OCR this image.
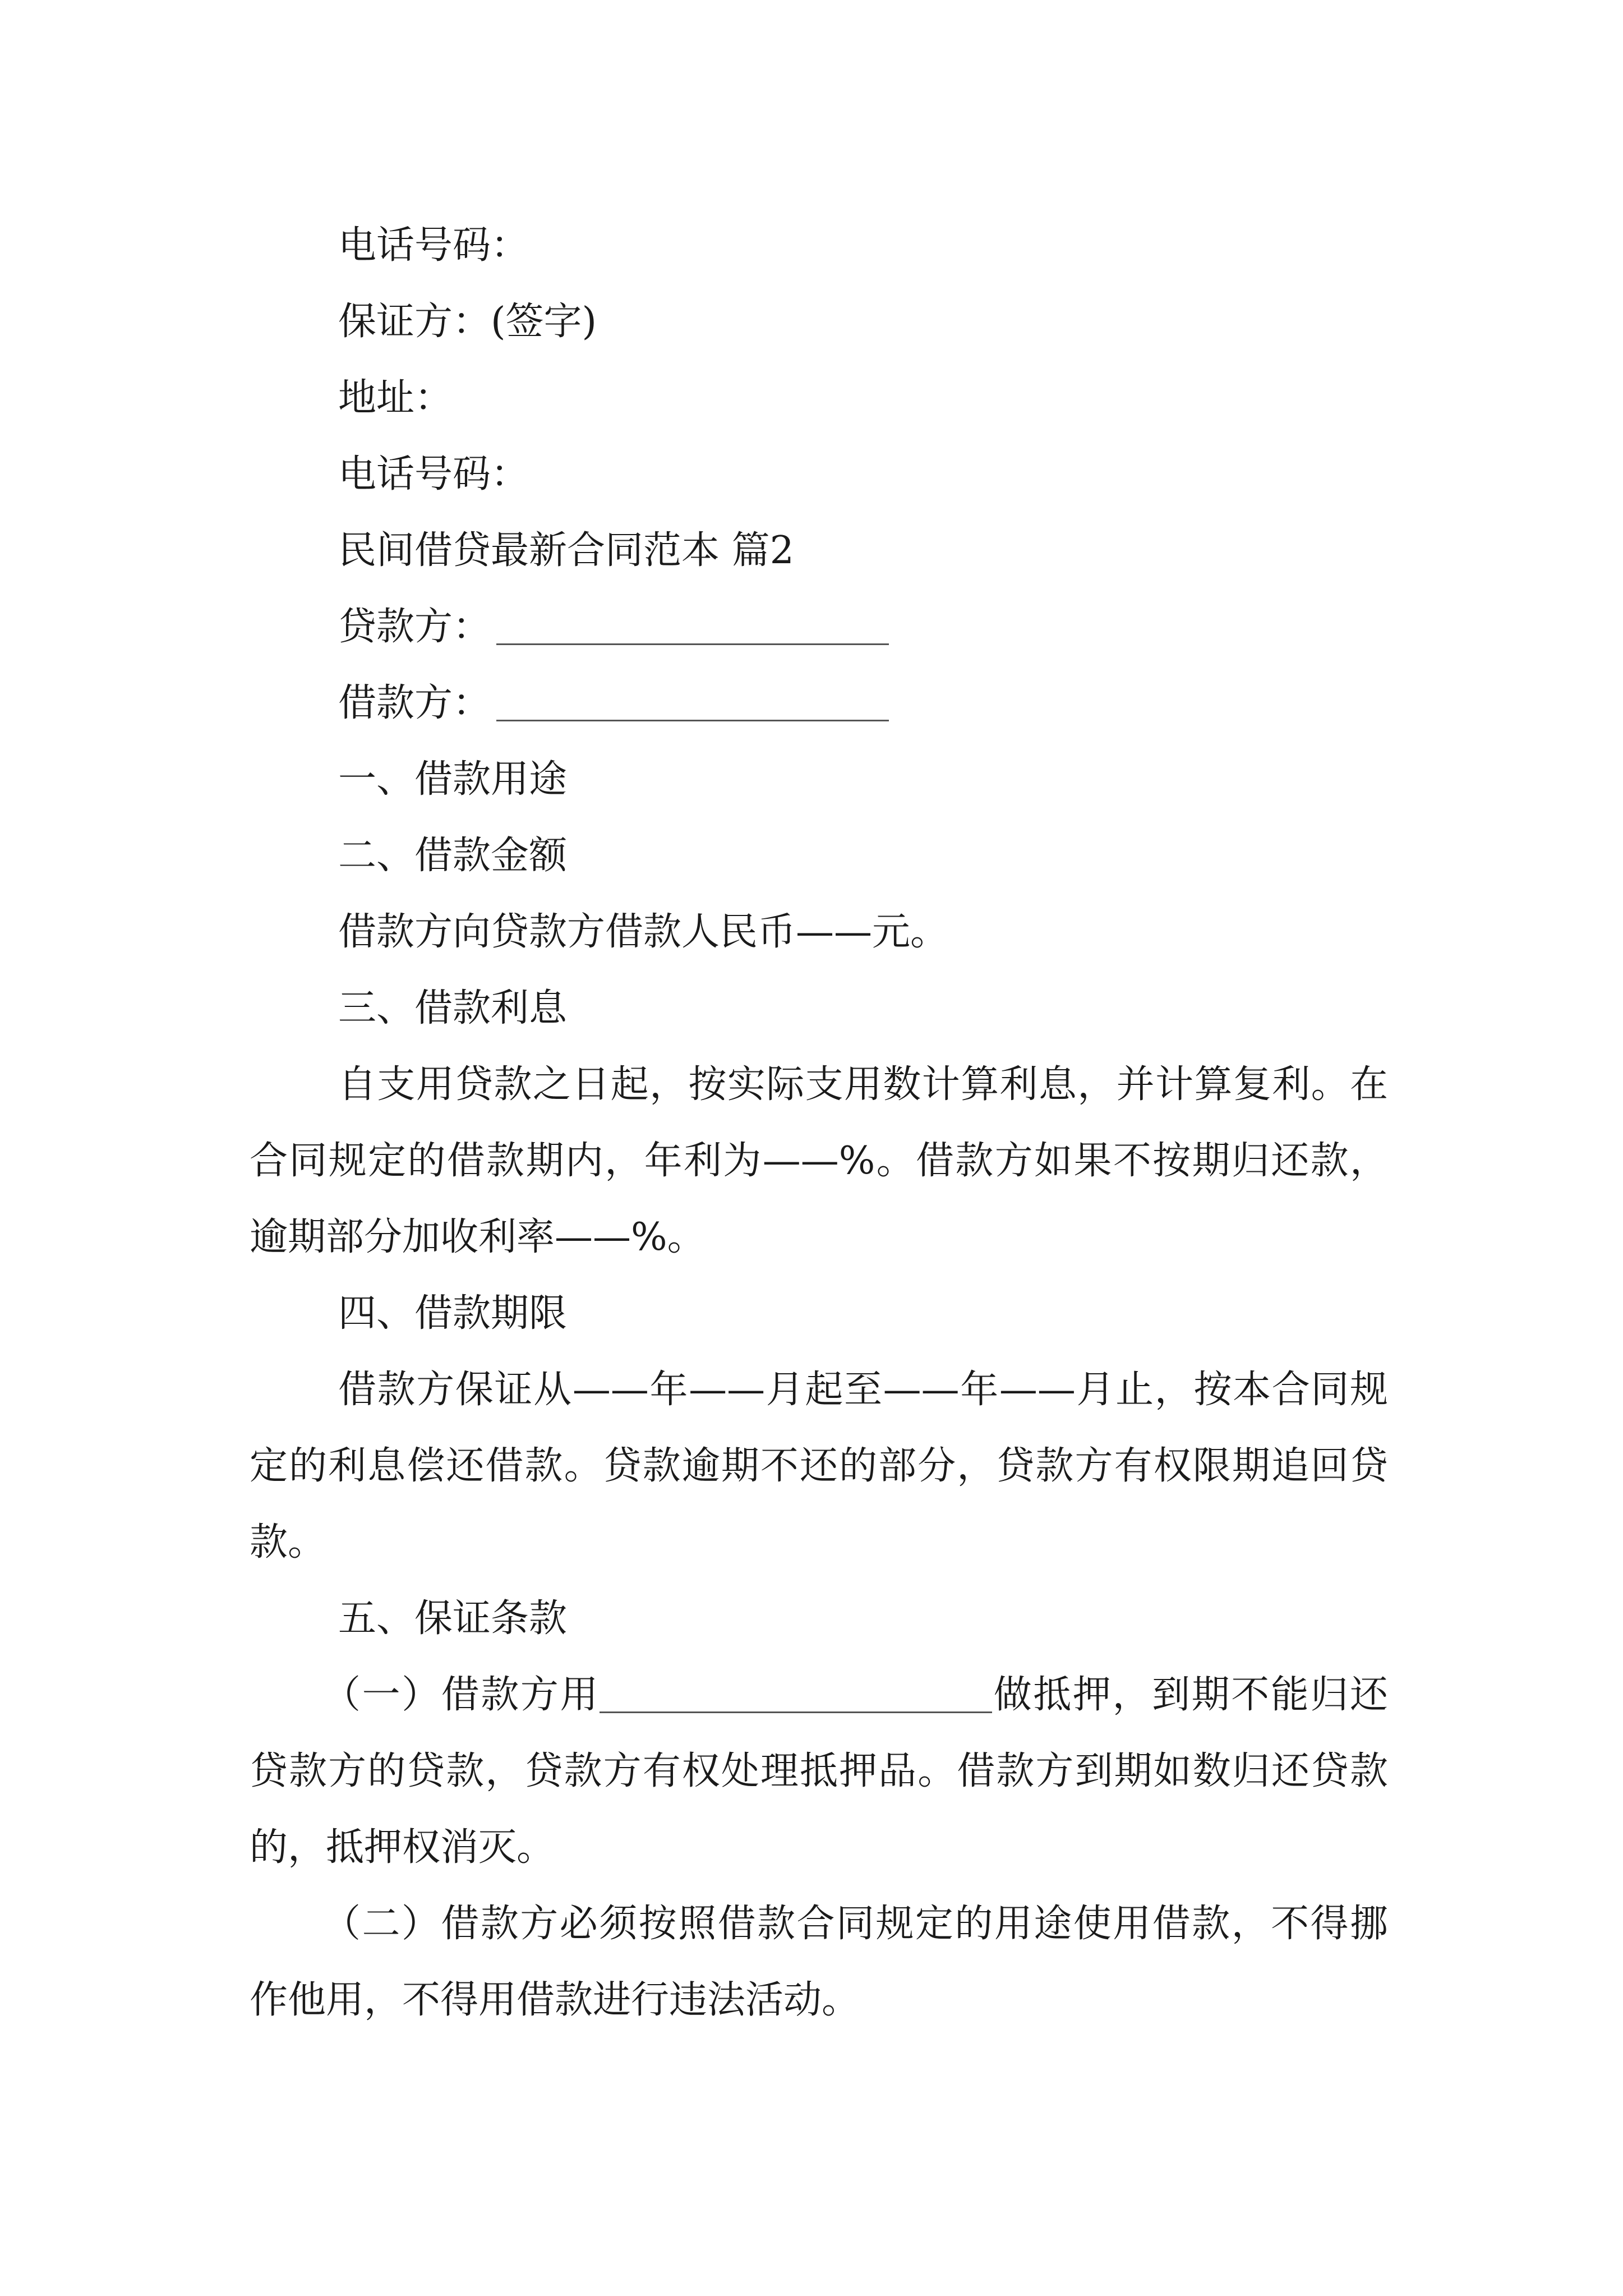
电话号码：

保证方：(签字)

地址：

电话号码：

民间借贷最新合同范本 篇2

贷款方：

借款方：

一、借款用途

二、借款金额

借款方向贷款方借款人民币——元。

三、借款利息

自支用贷款之日起，按实际支用数计算利息，并计算复利。在合同规定的借款期内，年利为——%。借款方如果不按期归还款，逾期部分加收利率——%。

四、借款期限

借款方保证从——年——月起至——年——月止，按本合同规定的利息偿还借款。贷款逾期不还的部分，贷款方有权限期追回贷款。

五、保证条款

（一）借款方用	做抵押，到期不能归还贷款方的贷款，贷款方有权处理抵押品。借款方到期如数归还贷款的，抵押权消灭。

（二）借款方必须按照借款合同规定的用途使用借款，不得挪作他用，不得用借款进行违法活动。
